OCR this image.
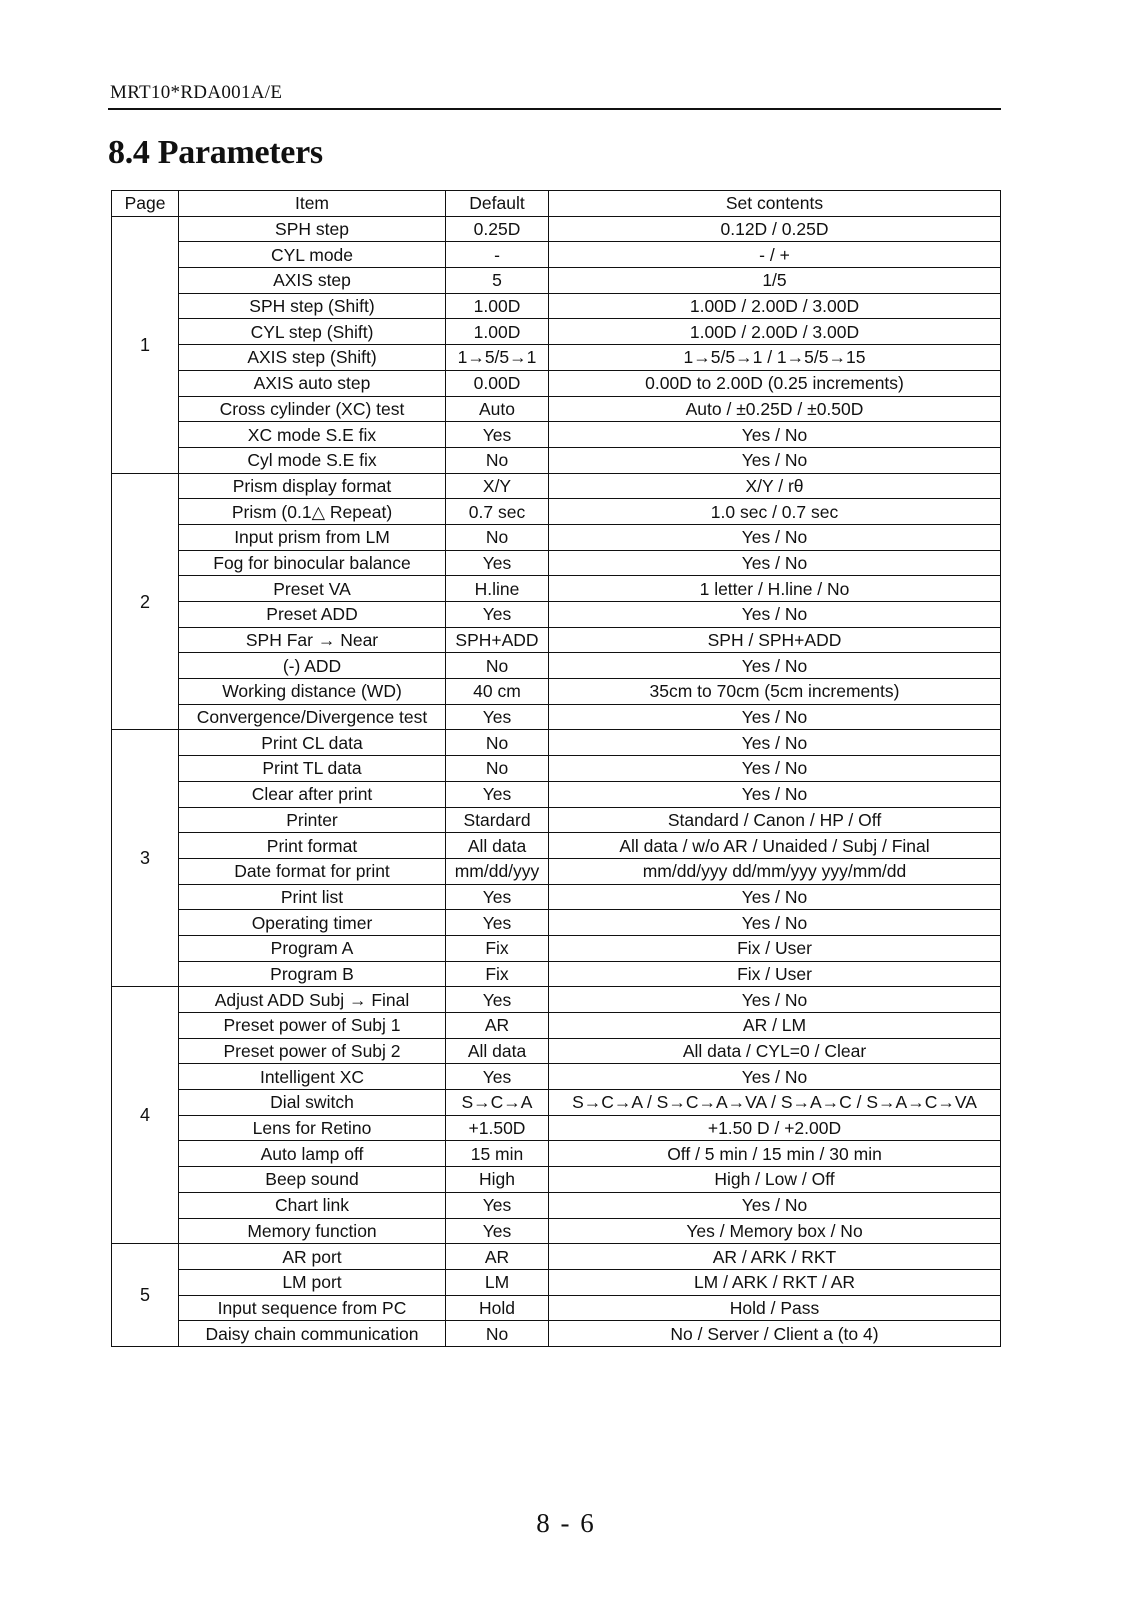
MRT10*RDA001A/E
8.4 Parameters
Page	Item	Default	Set contents
1	SPH step	0.25D	0.12D / 0.25D
	CYL mode	-	- / +
	AXIS step	5	1/5
	SPH step (Shift)	1.00D	1.00D / 2.00D / 3.00D
	CYL step (Shift)	1.00D	1.00D / 2.00D / 3.00D
	AXIS step (Shift)	1→5/5→1	1→5/5→1 / 1→5/5→15
	AXIS auto step	0.00D	0.00D to 2.00D (0.25 increments)
	Cross cylinder (XC) test	Auto	Auto / ±0.25D / ±0.50D
	XC mode S.E fix	Yes	Yes / No
	Cyl mode S.E fix	No	Yes / No
2	Prism display format	X/Y	X/Y / rθ
	Prism (0.1△ Repeat)	0.7 sec	1.0 sec / 0.7 sec
	Input prism from LM	No	Yes / No
	Fog for binocular balance	Yes	Yes / No
	Preset VA	H.line	1 letter / H.line / No
	Preset ADD	Yes	Yes / No
	SPH Far → Near	SPH+ADD	SPH / SPH+ADD
	(-) ADD	No	Yes / No
	Working distance (WD)	40 cm	35cm to 70cm (5cm increments)
	Convergence/Divergence test	Yes	Yes / No
3	Print CL data	No	Yes / No
	Print TL data	No	Yes / No
	Clear after print	Yes	Yes / No
	Printer	Stardard	Standard / Canon / HP / Off
	Print format	All data	All data / w/o AR / Unaided / Subj / Final
	Date format for print	mm/dd/yyy	mm/dd/yyy dd/mm/yyy yyy/mm/dd
	Print list	Yes	Yes / No
	Operating timer	Yes	Yes / No
	Program A	Fix	Fix / User
	Program B	Fix	Fix / User
4	Adjust ADD Subj → Final	Yes	Yes / No
	Preset power of Subj 1	AR	AR / LM
	Preset power of Subj 2	All data	All data / CYL=0 / Clear
	Intelligent XC	Yes	Yes / No
	Dial switch	S→C→A	S→C→A / S→C→A→VA / S→A→C / S→A→C→VA
	Lens for Retino	+1.50D	+1.50 D / +2.00D
	Auto lamp off	15 min	Off / 5 min / 15 min / 30 min
	Beep sound	High	High / Low / Off
	Chart link	Yes	Yes / No
	Memory function	Yes	Yes / Memory box / No
5	AR port	AR	AR / ARK / RKT
	LM port	LM	LM / ARK / RKT / AR
	Input sequence from PC	Hold	Hold / Pass
	Daisy chain communication	No	No / Server / Client a (to 4)
8 - 6
